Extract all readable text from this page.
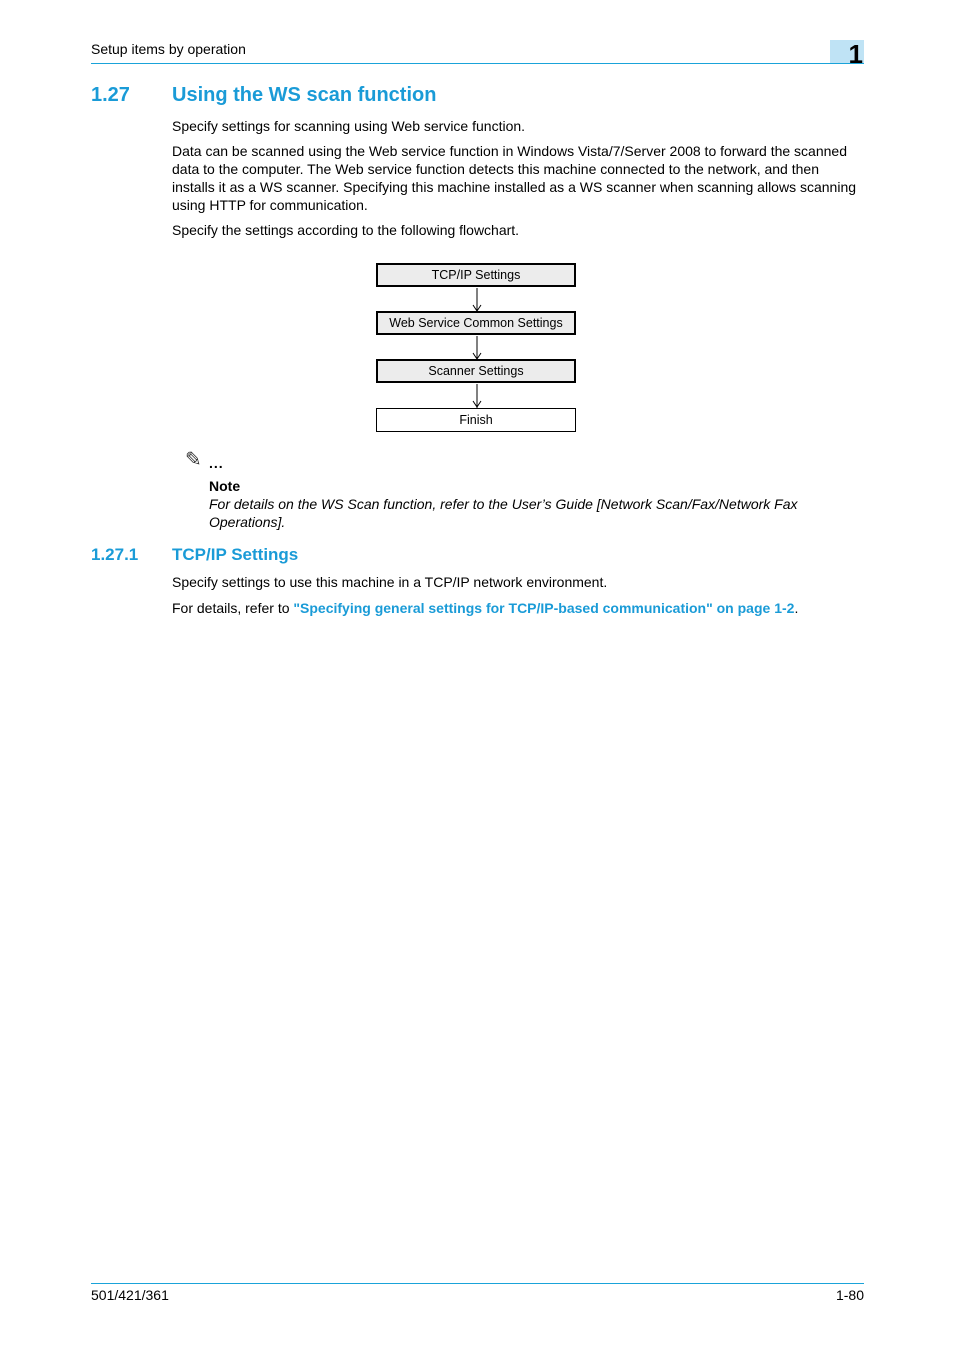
Setup items by operation	1
1.27 Using the WS scan function

Specify settings for scanning using Web service function.

Data can be scanned using the Web service function in Windows Vista/7/Server 2008 to forward the scanned data to the computer. The Web service function detects this machine connected to the network, and then installs it as a WS scanner. Specifying this machine installed as a WS scanner when scanning allows scanning using HTTP for communication.

Specify the settings according to the following flowchart.

TCP/IP Settings
Web Service Common Settings
Scanner Settings
Finish
✎ ...
Note

For details on the WS Scan function, refer to the User’s Guide [Network Scan/Fax/Network Fax Operations].

1.27.1 TCP/IP Settings

Specify settings to use this machine in a TCP/IP network environment.

For details, refer to "Specifying general settings for TCP/IP-based communication" on page 1-2.

501/421/361	1-80
